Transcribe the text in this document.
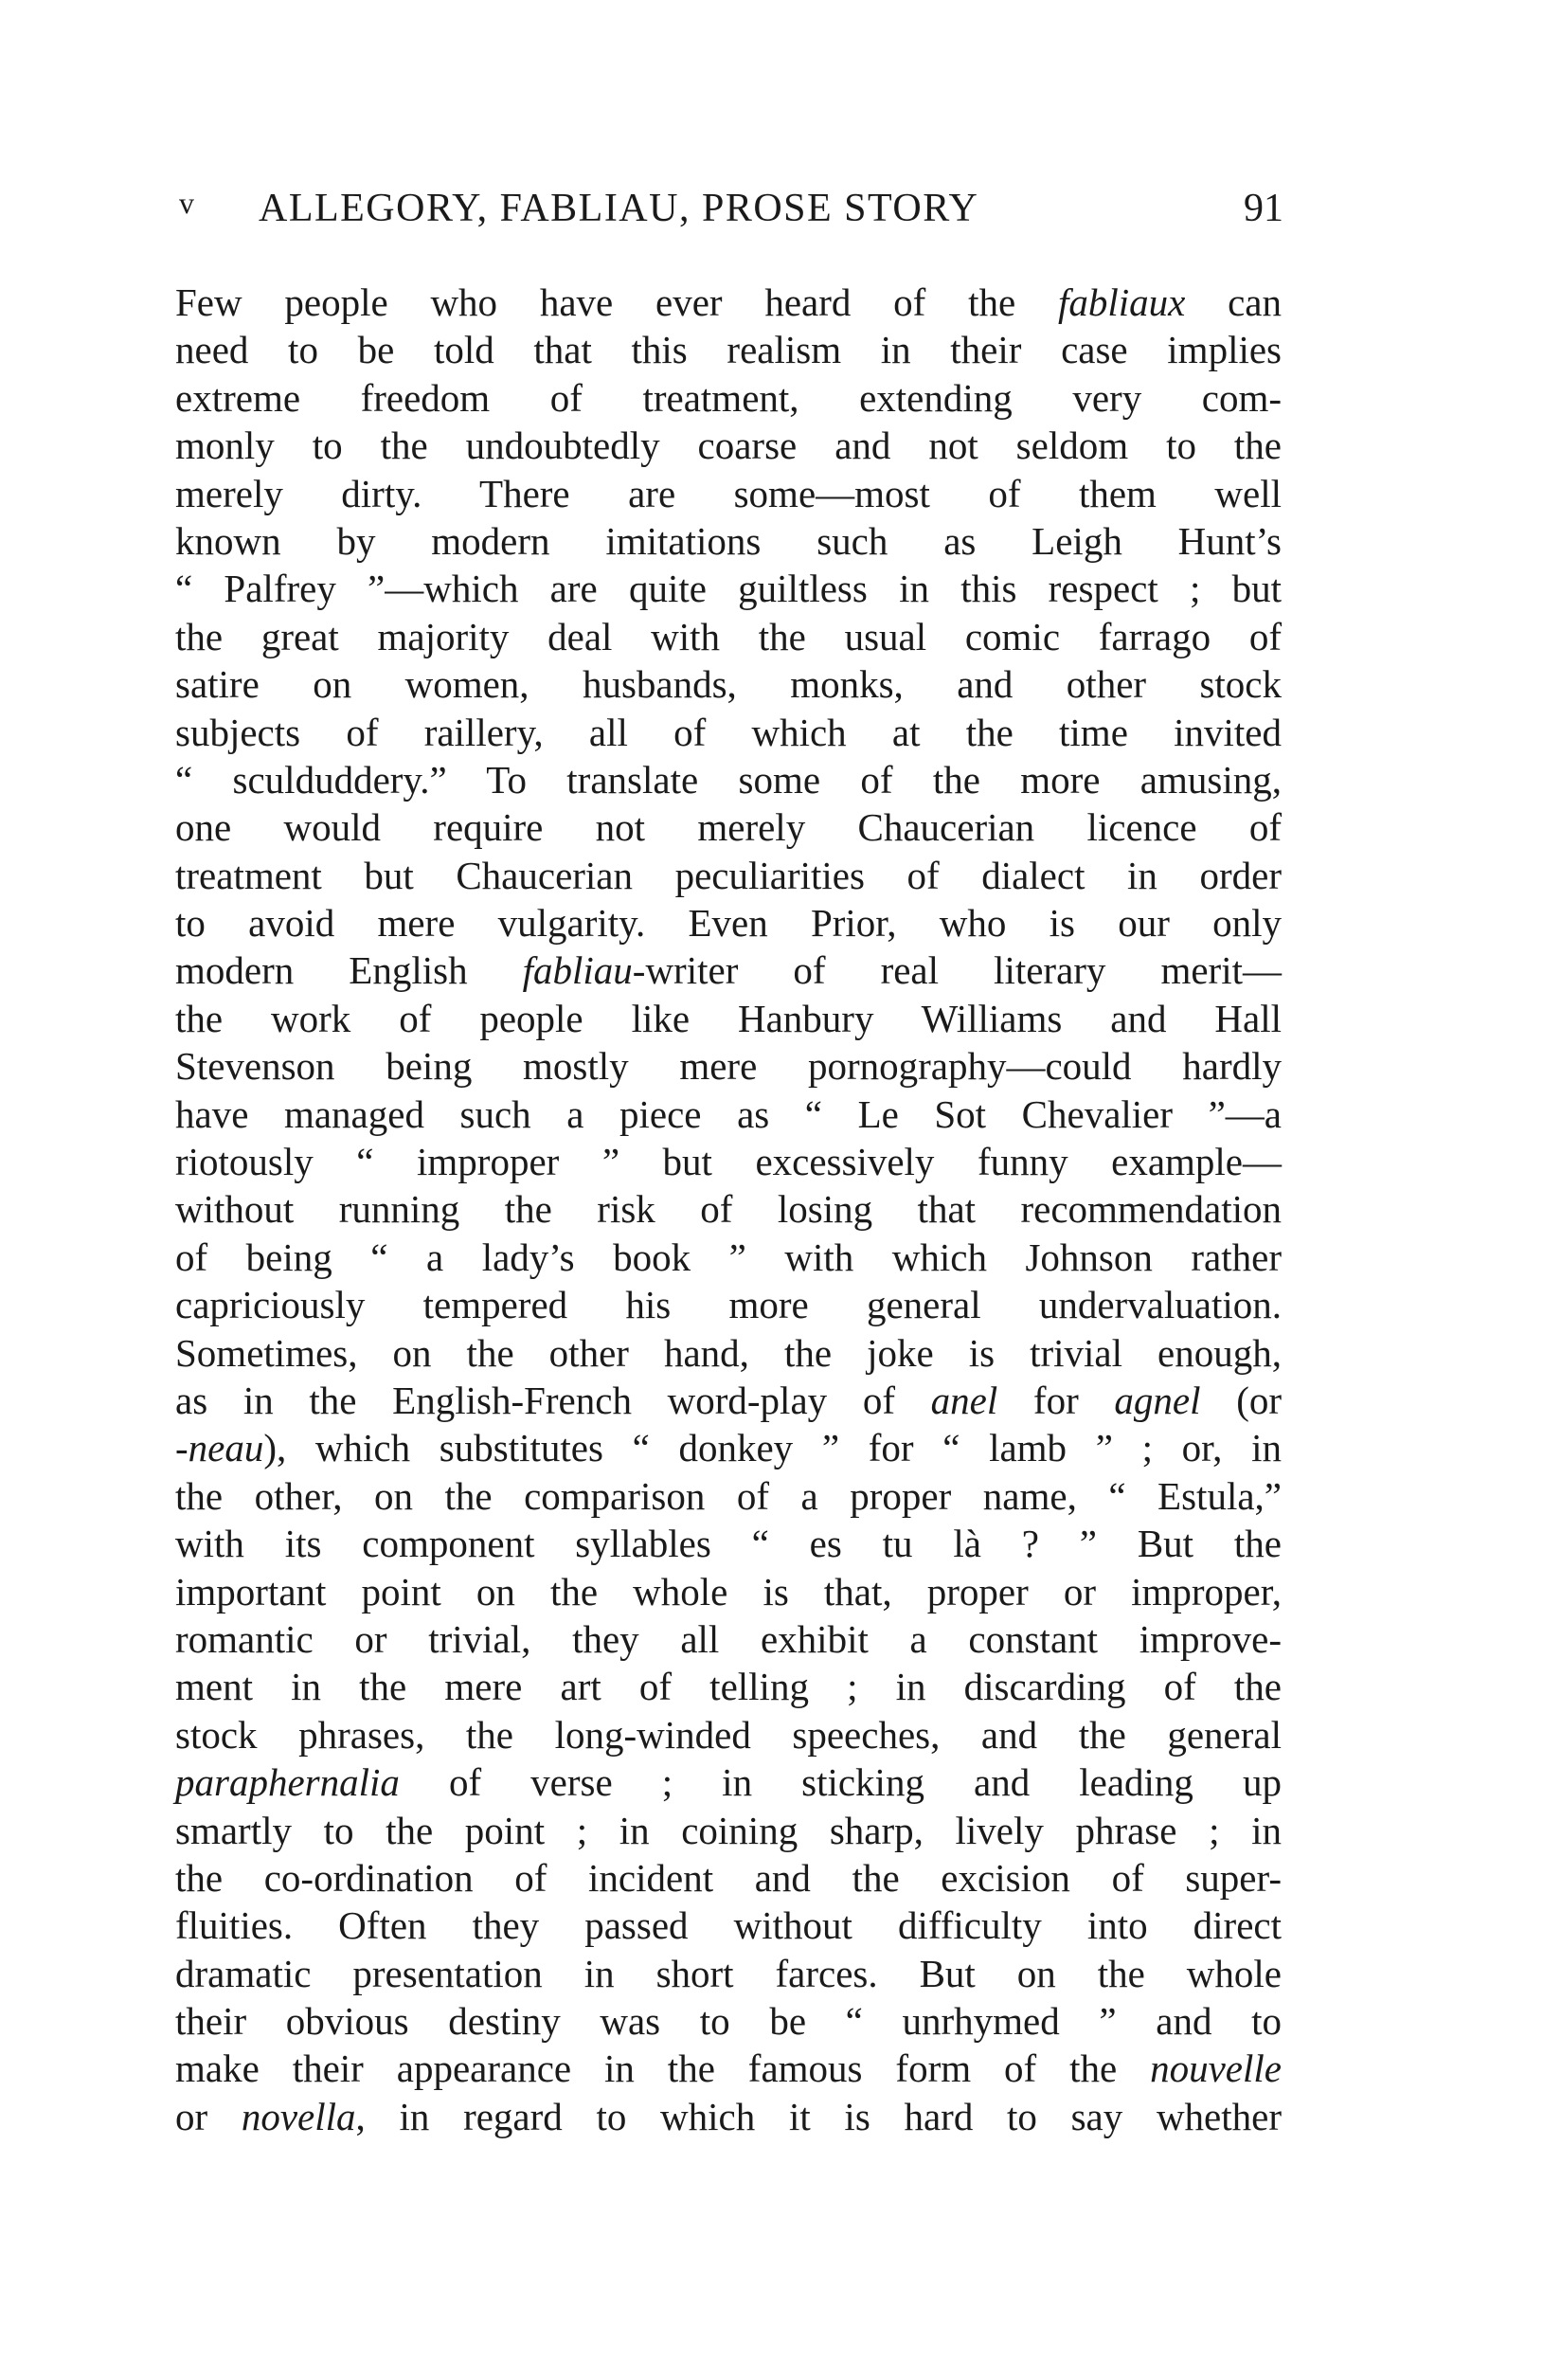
v ALLEGORY, FABLIAU, PROSE STORY	91
Few people who have ever heard of the fabliaux can
need to be told that this realism in their case implies
extreme freedom of treatment, extending very com-
monly to the undoubtedly coarse and not seldom to the
merely dirty. There are some—most of them well
known by modern imitations such as Leigh Hunt’s
“ Palfrey ”—which are quite guiltless in this respect ; but
the great majority deal with the usual comic farrago of
satire on women, husbands, monks, and other stock
subjects of raillery, all of which at the time invited
“ sculduddery.” To translate some of the more amusing,
one would require not merely Chaucerian licence of
treatment but Chaucerian peculiarities of dialect in order
to avoid mere vulgarity. Even Prior, who is our only
modern English fabliau-writer of real literary merit—
the work of people like Hanbury Williams and Hall
Stevenson being mostly mere pornography—could hardly
have managed such a piece as “ Le Sot Chevalier ”—a
riotously “ improper ” but excessively funny example—
without running the risk of losing that recommendation
of being “ a lady’s book ” with which Johnson rather
capriciously tempered his more general undervaluation.
Sometimes, on the other hand, the joke is trivial enough,
as in the English-French word-play of anel for agnel (or
-neau), which substitutes “ donkey ” for “ lamb ” ; or, in
the other, on the comparison of a proper name, “ Estula,”
with its component syllables “ es tu là ? ” But the
important point on the whole is that, proper or improper,
romantic or trivial, they all exhibit a constant improve-
ment in the mere art of telling ; in discarding of the
stock phrases, the long-winded speeches, and the general
paraphernalia of verse ; in sticking and leading up
smartly to the point ; in coining sharp, lively phrase ; in
the co-ordination of incident and the excision of super-
fluities. Often they passed without difficulty into direct
dramatic presentation in short farces. But on the whole
their obvious destiny was to be “ unrhymed ” and to
make their appearance in the famous form of the nouvelle
or novella, in regard to which it is hard to say whether
